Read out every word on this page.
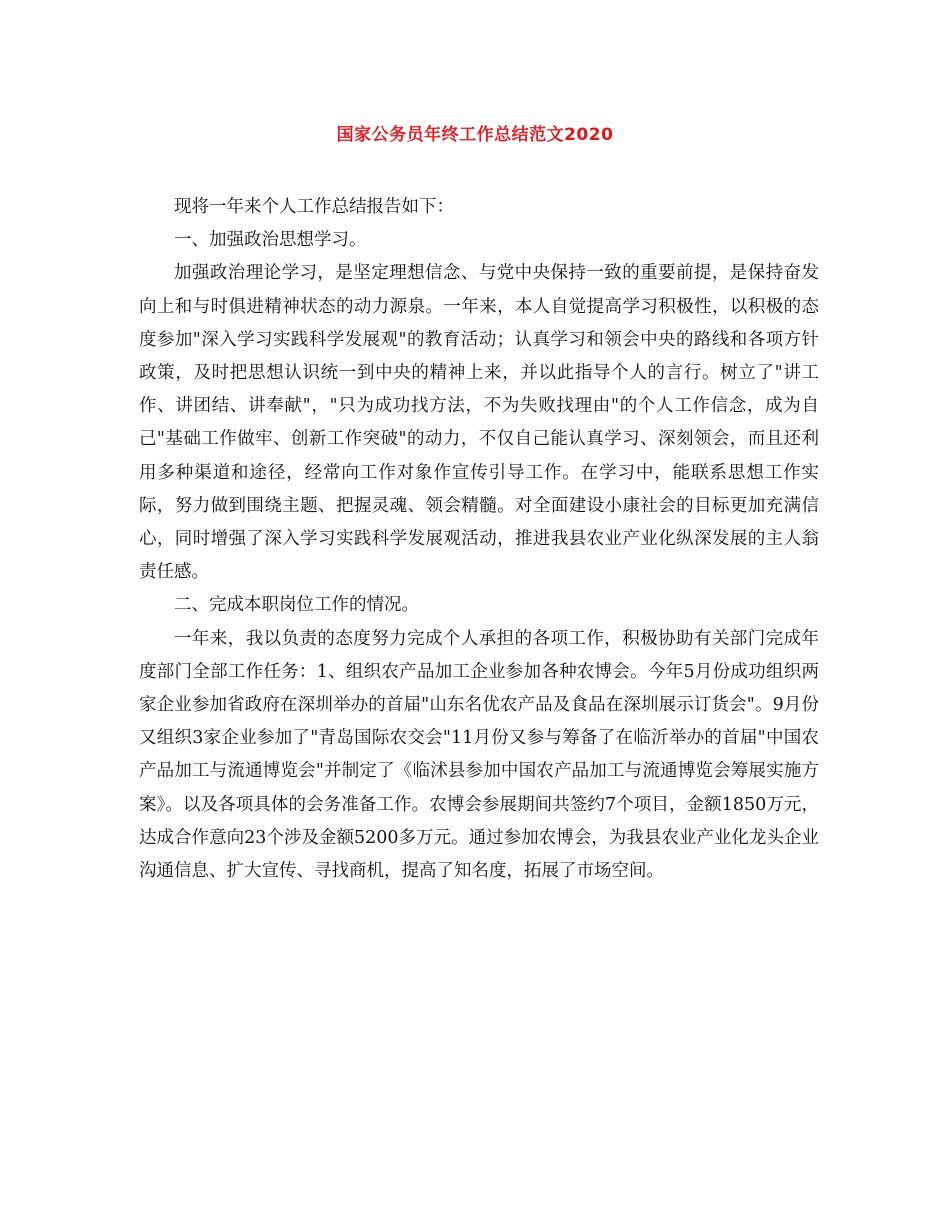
国家公务员年终工作总结范文2020

现将一年来个人工作总结报告如下：

一、加强政治思想学习。

加强政治理论学习，是坚定理想信念、与党中央保持一致的重要前提，是保持奋发向上和与时俱进精神状态的动力源泉。一年来，本人自觉提高学习积极性，以积极的态度参加"深入学习实践科学发展观"的教育活动；认真学习和领会中央的路线和各项方针政策，及时把思想认识统一到中央的精神上来，并以此指导个人的言行。树立了"讲工作、讲团结、讲奉献"，"只为成功找方法，不为失败找理由"的个人工作信念，成为自己"基础工作做牢、创新工作突破"的动力，不仅自己能认真学习、深刻领会，而且还利用多种渠道和途径，经常向工作对象作宣传引导工作。在学习中，能联系思想工作实际，努力做到围绕主题、把握灵魂、领会精髓。对全面建设小康社会的目标更加充满信心，同时增强了深入学习实践科学发展观活动，推进我县农业产业化纵深发展的主人翁责任感。

二、完成本职岗位工作的情况。

一年来，我以负责的态度努力完成个人承担的各项工作，积极协助有关部门完成年度部门全部工作任务：1、组织农产品加工企业参加各种农博会。今年5月份成功组织两家企业参加省政府在深圳举办的首届"山东名优农产品及食品在深圳展示订货会"。9月份又组织3家企业参加了"青岛国际农交会"11月份又参与筹备了在临沂举办的首届"中国农产品加工与流通博览会"并制定了《临沭县参加中国农产品加工与流通博览会筹展实施方案》。以及各项具体的会务准备工作。农博会参展期间共签约7个项目，金额1850万元，达成合作意向23个涉及金额5200多万元。通过参加农博会，为我县农业产业化龙头企业沟通信息、扩大宣传、寻找商机，提高了知名度，拓展了市场空间。
